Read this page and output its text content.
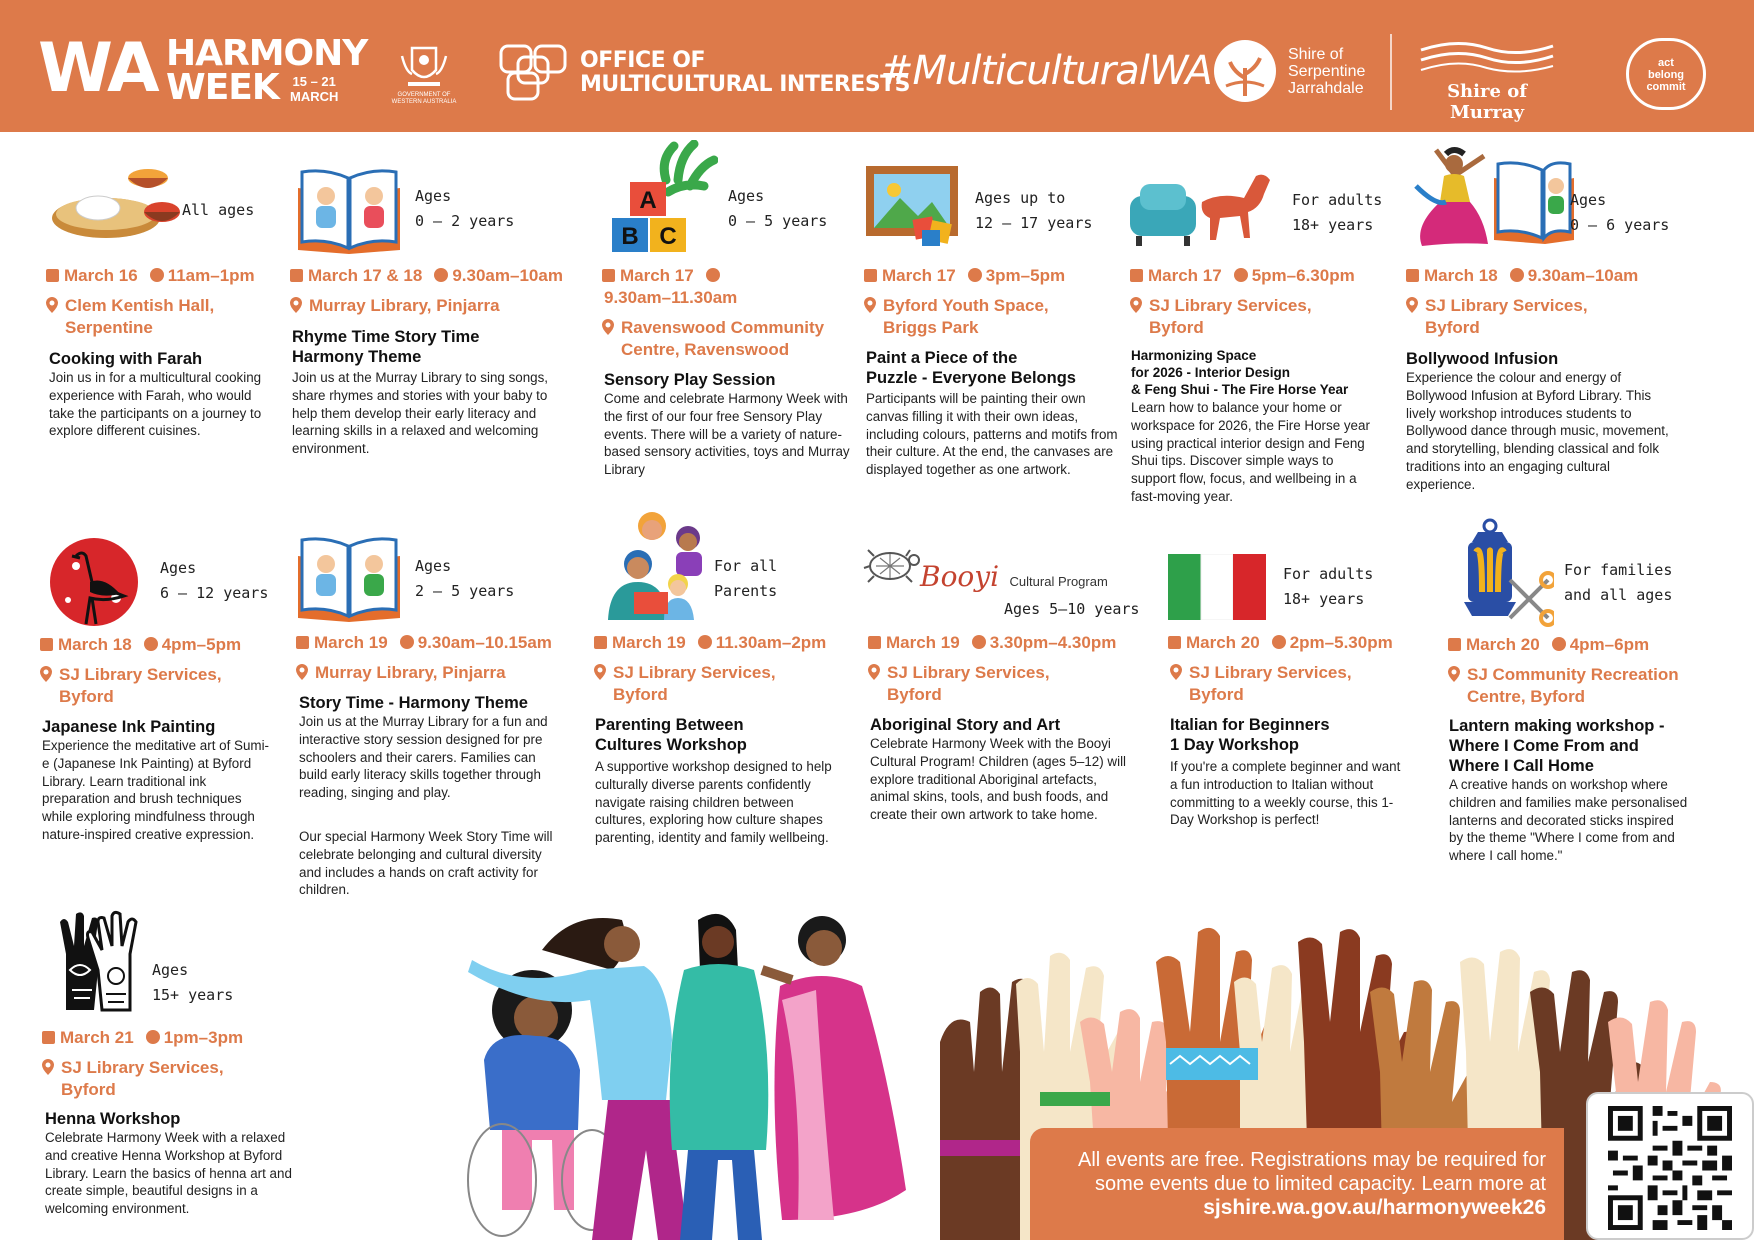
WA HARMONY
WEEK 15 – 21
MARCH	GOVERNMENT OF WESTERN AUSTRALIA
OFFICE OF
MULTICULTURAL INTERESTS
#MulticulturalWA	Shire of
Serpentine
Jarrahdale	Shire of Murray
act
belong
commit
All ages
March 16 11am–1pm
Clem Kentish Hall,
Serpentine
Cooking with Farah
Join us in for a multicultural cooking experience with Farah, who would take the participants on a journey to explore different cuisines.
Ages
0 – 2 years
March 17 & 18 9.30am–10am
Murray Library, Pinjarra
Rhyme Time Story Time
Harmony Theme
Join us at the Murray Library to sing songs, share rhymes and stories with your baby to help them develop their early literacy and learning skills in a relaxed and welcoming environment.
A
B C
Ages
0 – 5 years
March 17
9.30am–11.30am
Ravenswood Community
Centre, Ravenswood
Sensory Play Session
Come and celebrate Harmony Week with the first of our four free Sensory Play events. There will be a variety of nature-based sensory activities, toys and Murray Library
Ages up to
12 – 17 years
March 17 3pm–5pm
Byford Youth Space,
Briggs Park
Paint a Piece of the
Puzzle - Everyone Belongs
Participants will be painting their own canvas filling it with their own ideas, including colours, patterns and motifs from their culture. At the end, the canvases are displayed together as one artwork.
For adults
18+ years
March 17 5pm–6.30pm
SJ Library Services,
Byford
Harmonizing Space
for 2026 - Interior Design
& Feng Shui - The Fire Horse Year
Learn how to balance your home or workspace for 2026, the Fire Horse year using practical interior design and Feng Shui tips. Discover simple ways to support flow, focus, and wellbeing in a fast-moving year.
Ages
0 – 6 years
March 18 9.30am–10am
SJ Library Services,
Byford
Bollywood Infusion
Experience the colour and energy of Bollywood Infusion at Byford Library. This lively workshop introduces students to Bollywood dance through music, movement, and storytelling, blending classical and folk traditions into an engaging cultural experience.
Ages
6 – 12 years
March 18 4pm–5pm
SJ Library Services,
Byford
Japanese Ink Painting
Experience the meditative art of Sumi-e (Japanese Ink Painting) at Byford Library. Learn traditional ink preparation and brush techniques while exploring mindfulness through nature-inspired creative expression.
Ages
2 – 5 years
March 19 9.30am–10.15am
Murray Library, Pinjarra
Story Time - Harmony Theme
Join us at the Murray Library for a fun and interactive story session designed for pre schoolers and their carers. Families can build early literacy skills together through reading, singing and play.
Our special Harmony Week Story Time will celebrate belonging and cultural diversity and includes a hands on craft activity for children.
For all
Parents
March 19 11.30am–2pm
SJ Library Services,
Byford
Parenting Between
Cultures Workshop
A supportive workshop designed to help culturally diverse parents confidently navigate raising children between cultures, exploring how culture shapes parenting, identity and family wellbeing.
Booyi Cultural Program
Ages 5–10 years
March 19 3.30pm–4.30pm
SJ Library Services,
Byford
Aboriginal Story and Art
Celebrate Harmony Week with the Booyi Cultural Program! Children (ages 5–12) will explore traditional Aboriginal artefacts, animal skins, tools, and bush foods, and create their own artwork to take home.
For adults
18+ years
March 20 2pm–5.30pm
SJ Library Services,
Byford
Italian for Beginners
1 Day Workshop
If you're a complete beginner and want a fun introduction to Italian without committing to a weekly course, this 1-Day Workshop is perfect!
For families
and all ages
March 20 4pm–6pm
SJ Community Recreation
Centre, Byford
Lantern making workshop -
Where I Come From and
Where I Call Home
A creative hands on workshop where children and families make personalised lanterns and decorated sticks inspired by the theme "Where I come from and where I call home."
Ages
15+ years
March 21 1pm–3pm
SJ Library Services,
Byford
Henna Workshop
Celebrate Harmony Week with a relaxed and creative Henna Workshop at Byford Library. Learn the basics of henna art and create simple, beautiful designs in a welcoming environment.
All events are free. Registrations may be required for
some events due to limited capacity. Learn more at
sjshire.wa.gov.au/harmonyweek26
